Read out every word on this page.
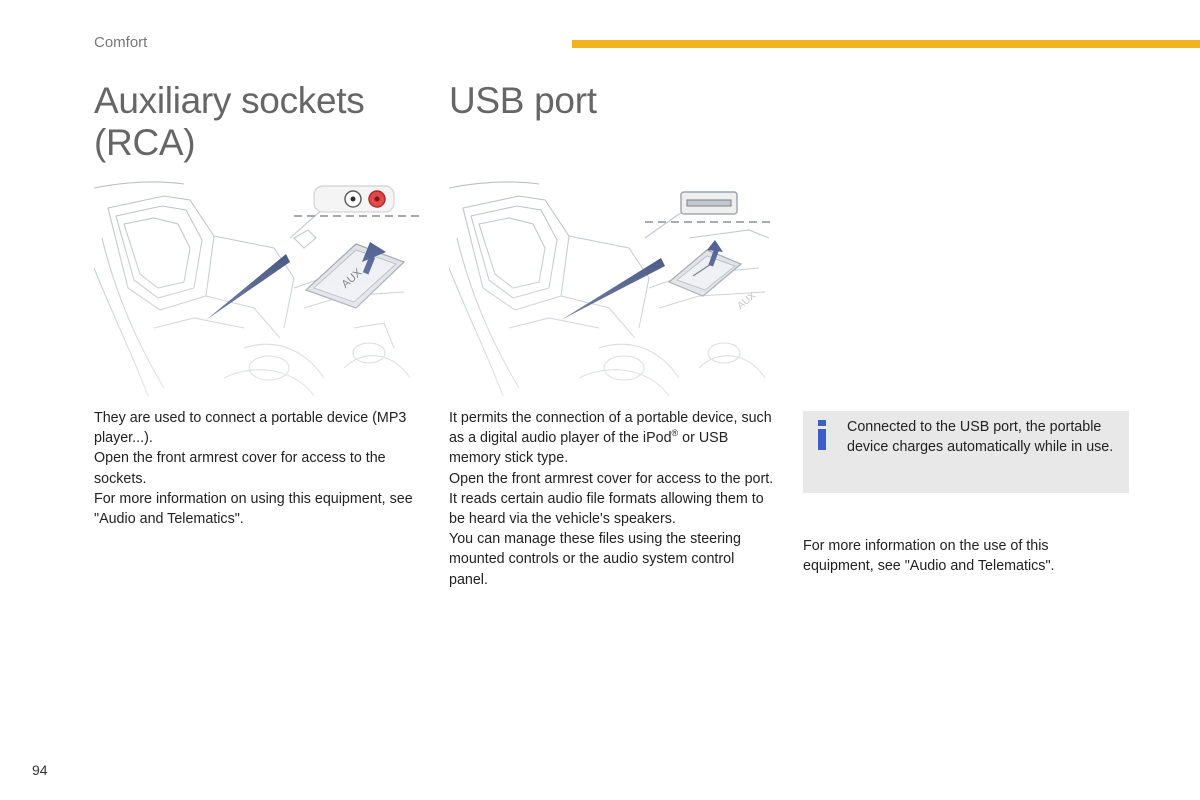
Comfort
Auxiliary sockets (RCA)
USB port

They are used to connect a portable device (MP3 player...).

Open the front armrest cover for access to the sockets.

For more information on using this equipment, see "Audio and Telematics".

It permits the connection of a portable device, such as a digital audio player of the iPod® or USB memory stick type.

Open the front armrest cover for access to the port.

It reads certain audio file formats allowing them to be heard via the vehicle's speakers.

You can manage these files using the steering mounted controls or the audio system control panel.

Connected to the USB port, the portable device charges automatically while in use.
For more information on the use of this equipment, see "Audio and Telematics".
94
